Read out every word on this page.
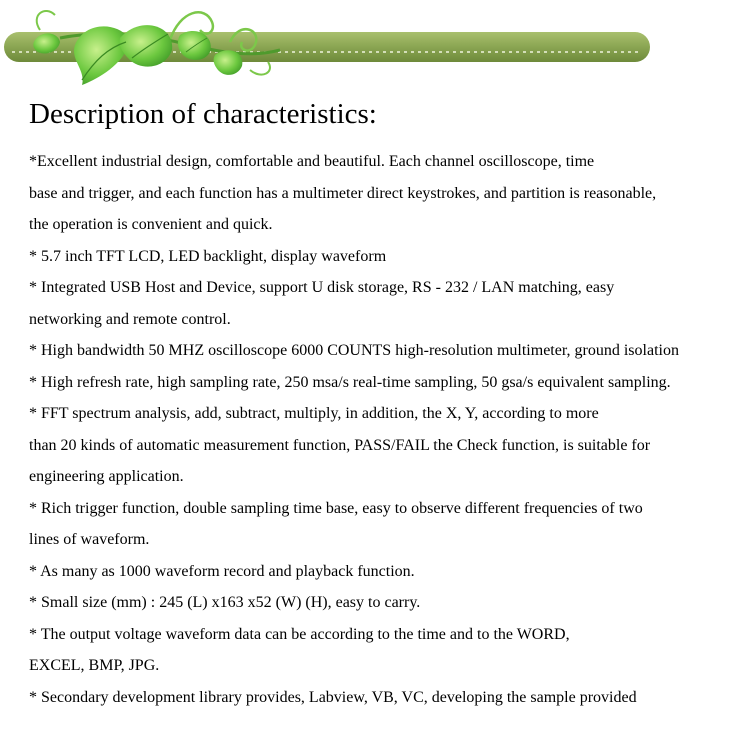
Description of characteristics:
*Excellent industrial design, comfortable and beautiful. Each channel oscilloscope, time
base and trigger, and each function has a multimeter direct keystrokes, and partition is reasonable,
the operation is convenient and quick.
* 5.7 inch TFT LCD, LED backlight, display waveform
* Integrated USB Host and Device, support U disk storage, RS - 232 / LAN matching, easy
networking and remote control.
* High bandwidth 50 MHZ oscilloscope 6000 COUNTS high-resolution multimeter, ground isolation
* High refresh rate, high sampling rate, 250 msa/s real-time sampling, 50 gsa/s equivalent sampling.
* FFT spectrum analysis, add, subtract, multiply, in addition, the X, Y, according to more
than 20 kinds of automatic measurement function, PASS/FAIL the Check function, is suitable for
engineering application.
* Rich trigger function, double sampling time base, easy to observe different frequencies of two
lines of waveform.
* As many as 1000 waveform record and playback function.
* Small size (mm) : 245 (L) x163 x52 (W) (H), easy to carry.
* The output voltage waveform data can be according to the time and to the WORD,
EXCEL, BMP, JPG.
* Secondary development library provides, Labview, VB, VC, developing the sample provided
